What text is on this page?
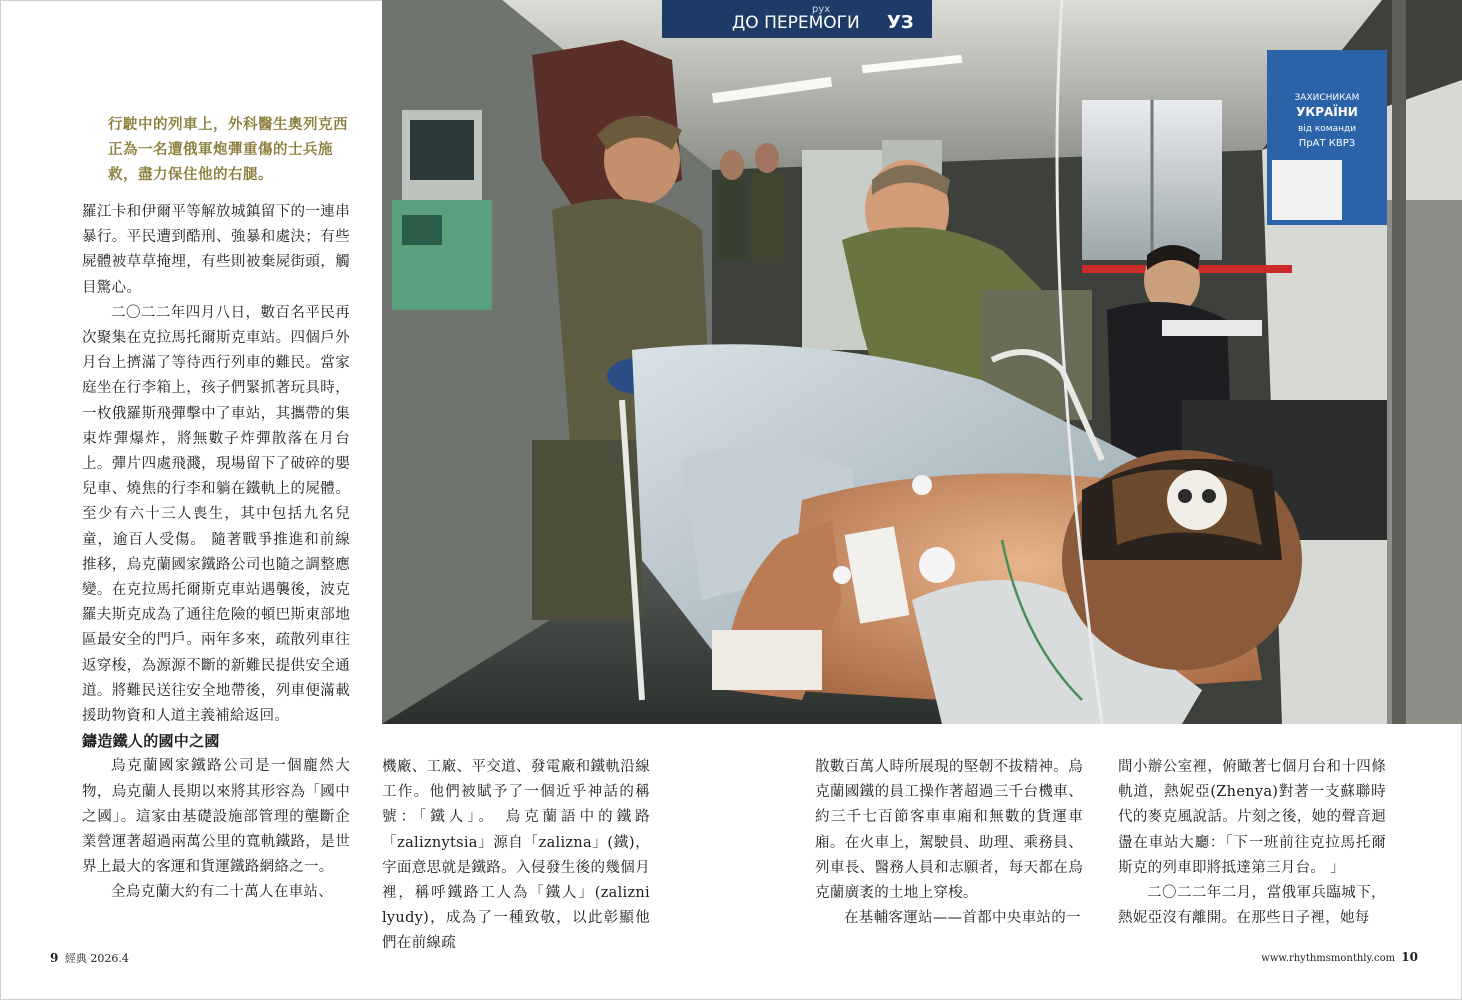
рух
ДО ПЕРЕМОГИ УЗ
ЗАХИСНИКАМ
УКРАЇНИ
від команди
ПрАТ КВРЗ
行駛中的列車上，外科醫生奧列克西正為一名遭俄軍炮彈重傷的士兵施救，盡力保住他的右腿。

羅江卡和伊爾平等解放城鎮留下的一連串暴行。平民遭到酷刑、強暴和處決；有些屍體被草草掩埋，有些則被棄屍街頭，觸目驚心。

二〇二二年四月八日，數百名平民再次聚集在克拉馬托爾斯克車站。四個戶外月台上擠滿了等待西行列車的難民。當家庭坐在行李箱上，孩子們緊抓著玩具時，一枚俄羅斯飛彈擊中了車站，其攜帶的集束炸彈爆炸，將無數子炸彈散落在月台上。彈片四處飛濺，現場留下了破碎的嬰兒車、燒焦的行李和躺在鐵軌上的屍體。至少有六十三人喪生，其中包括九名兒童，逾百人受傷。 隨著戰爭推進和前線推移，烏克蘭國家鐵路公司也隨之調整應變。在克拉馬托爾斯克車站遇襲後，波克羅夫斯克成為了通往危險的頓巴斯東部地區最安全的門戶。兩年多來，疏散列車往返穿梭，為源源不斷的新難民提供安全通道。將難民送往安全地帶後，列車便滿載援助物資和人道主義補給返回。

鑄造鐵人的國中之國

烏克蘭國家鐵路公司是一個龐然大物，烏克蘭人長期以來將其形容為「國中之國」。這家由基礎設施部管理的壟斷企業營運著超過兩萬公里的寬軌鐵路，是世界上最大的客運和貨運鐵路網絡之一。

全烏克蘭大約有二十萬人在車站、

機廠、工廠、平交道、發電廠和鐵軌沿線工作。他們被賦予了一個近乎神話的稱號：「鐵人」。 烏克蘭語中的鐵路「zaliznytsia」源自「zalizna」(鐵)，字面意思就是鐵路。入侵發生後的幾個月裡，稱呼鐵路工人為「鐵人」(zalizni lyudy)，成為了一種致敬，以此彰顯他們在前線疏

散數百萬人時所展現的堅韌不拔精神。烏克蘭國鐵的員工操作著超過三千台機車、約三千七百節客車車廂和無數的貨運車廂。在火車上，駕駛員、助理、乘務員、列車長、醫務人員和志願者，每天都在烏克蘭廣袤的土地上穿梭。

在基輔客運站——首都中央車站的一

間小辦公室裡，俯瞰著七個月台和十四條軌道，熱妮亞(Zhenya)對著一支蘇聯時代的麥克風說話。片刻之後，她的聲音迴盪在車站大廳：「下一班前往克拉馬托爾斯克的列車即將抵達第三月台。 」

二〇二二年二月，當俄軍兵臨城下，熱妮亞沒有離開。在那些日子裡，她每

9 經典 2026.4	www.rhythmsmonthly.com 10
